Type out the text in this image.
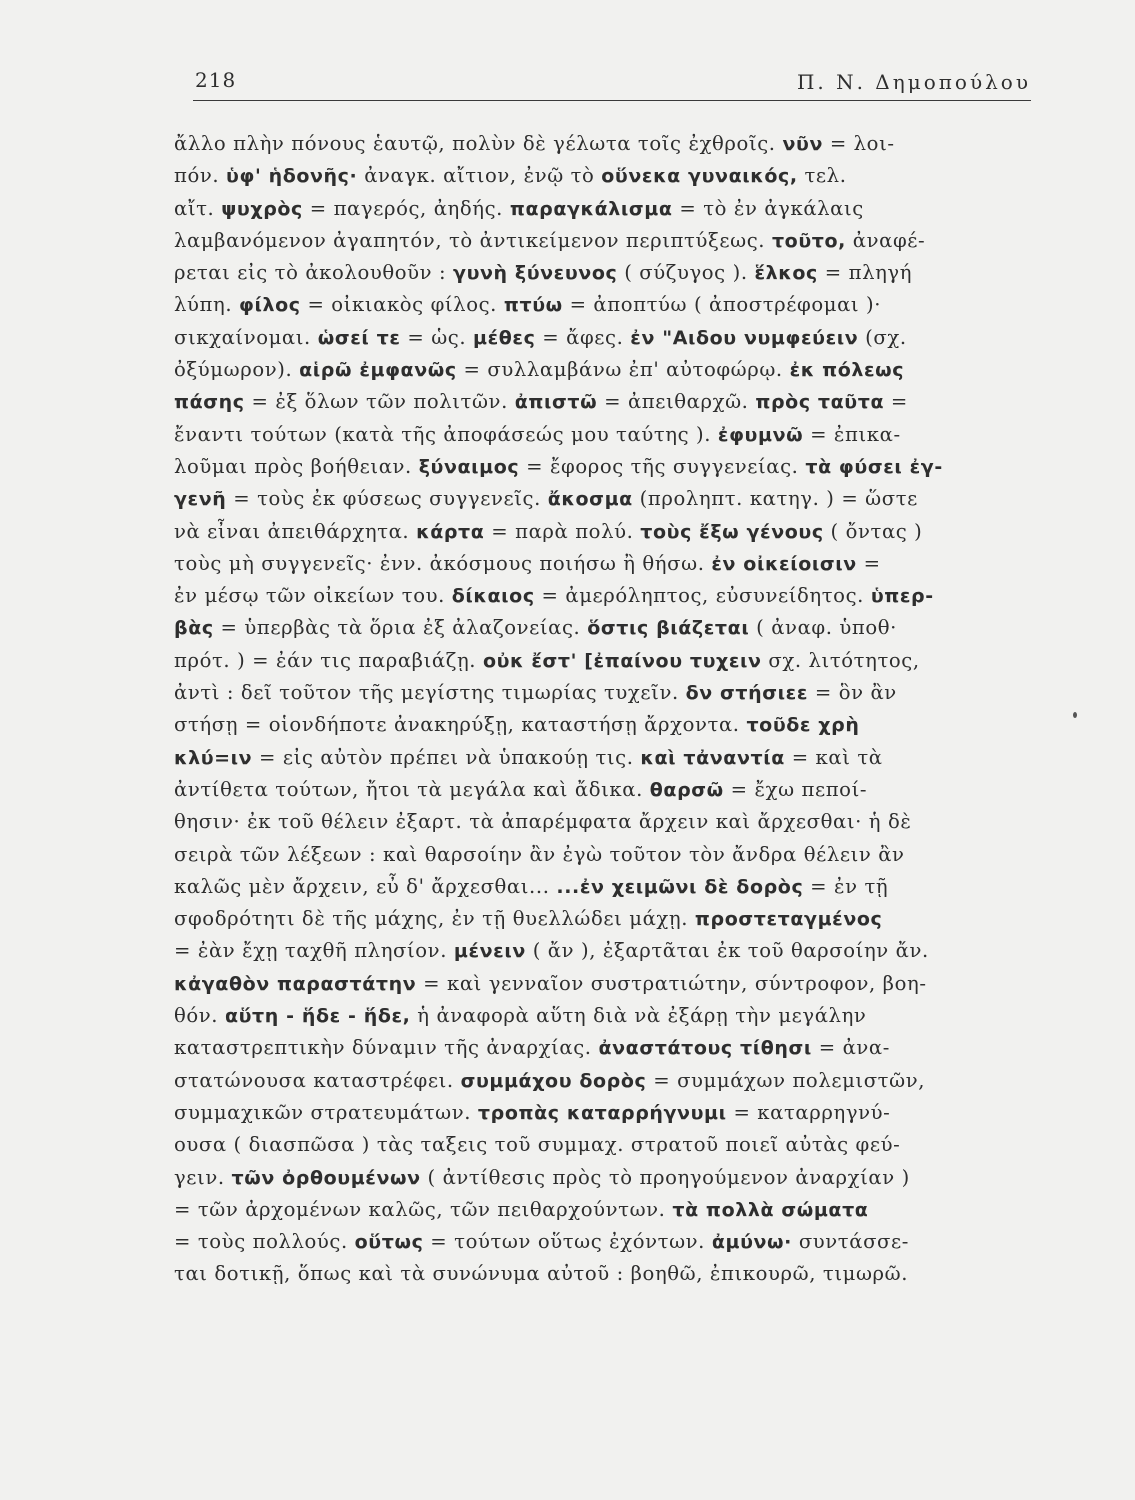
218	Π. Ν. Δημοπούλου
ἄλλο πλὴν πόνους ἑαυτῷ, πολὺν δὲ γέλωτα τοῖς ἐχθροῖς. νῦν = λοι-
πόν. ὑφ' ἡδονῆς· ἀναγκ. αἴτιον, ἐνῷ τὸ οὕνεκα γυναικός, τελ.
αἴτ. ψυχρὸς = παγερός, ἀηδής. παραγκάλισμα = τὸ ἐν ἀγκάλαις
λαμβανόμενον ἀγαπητόν, τὸ ἀντικείμενον περιπτύξεως. τοῦτο, ἀναφέ-
ρεται εἰς τὸ ἀκολουθοῦν : γυνὴ ξύνευνος ( σύζυγος ). ἕλκος = πληγή
λύπη. φίλος = οἰκιακὸς φίλος. πτύω = ἀποπτύω ( ἀποστρέφομαι )·
σικχαίνομαι. ὡσεί τε = ὡς. μέθες = ἄφες. ἐν "Αιδου νυμφεύειν (σχ.
ὀξύμωρον). αἱρῶ ἐμφανῶς = συλλαμβάνω ἐπ' αὐτοφώρῳ. ἐκ πόλεως
πάσης = ἐξ ὅλων τῶν πολιτῶν. ἀπιστῶ = ἀπειθαρχῶ. πρὸς ταῦτα =
ἔναντι τούτων (κατὰ τῆς ἀποφάσεώς μου ταύτης ). ἐφυμνῶ = ἐπικα-
λοῦμαι πρὸς βοήθειαν. ξύναιμος = ἔφορος τῆς συγγενείας. τὰ φύσει ἐγ-
γενῆ = τοὺς ἐκ φύσεως συγγενεῖς. ἄκοσμα (προληπτ. κατηγ. ) = ὥστε
νὰ εἶναι ἀπειθάρχητα. κάρτα = παρὰ πολύ. τοὺς ἔξω γένους ( ὄντας )
τοὺς μὴ συγγενεῖς· ἐνν. ἀκόσμους ποιήσω ἢ θήσω. ἐν οἰκείοισιν =
ἐν μέσῳ τῶν οἰκείων του. δίκαιος = ἀμερόληπτος, εὐσυνείδητος. ὑπερ-
βὰς = ὑπερβὰς τὰ ὅρια ἐξ ἀλαζονείας. ὅστις βιάζεται ( ἀναφ. ὑποθ·
πρότ. ) = ἐάν τις παραβιάζῃ. οὐκ ἔστ' [ἐπαίνου τυχειν σχ. λιτότητος,
ἀντὶ : δεῖ τοῦτον τῆς μεγίστης τιμωρίας τυχεῖν. δν στήσιεε = ὃν ἂν
στήσῃ = οἱονδήποτε ἀνακηρύξῃ, καταστήσῃ ἄρχοντα. τοῦδε χρὴ
κλύ=ιν = εἰς αὐτὸν πρέπει νὰ ὑπακούῃ τις. καὶ τἀναντία = καὶ τὰ
ἀντίθετα τούτων, ἤτοι τὰ μεγάλα καὶ ἄδικα. θαρσῶ = ἔχω πεποί-
θησιν· ἐκ τοῦ θέλειν ἐξαρτ. τὰ ἀπαρέμφατα ἄρχειν καὶ ἄρχεσθαι· ἡ δὲ
σειρὰ τῶν λέξεων : καὶ θαρσοίην ἂν ἐγὼ τοῦτον τὸν ἄνδρα θέλειν ἂν
καλῶς μὲν ἄρχειν, εὖ δ' ἄρχεσθαι... ...ἐν χειμῶνι δὲ δορὸς = ἐν τῇ
σφοδρότητι δὲ τῆς μάχης, ἐν τῇ θυελλώδει μάχῃ. προστεταγμένος
= ἐὰν ἔχῃ ταχθῆ πλησίον. μένειν ( ἄν ), ἐξαρτᾶται ἐκ τοῦ θαρσοίην ἄν.
κἀγαθὸν παραστάτην = καὶ γενναῖον συστρατιώτην, σύντροφον, βοη-
θόν. αὕτη - ἥδε - ἥδε, ἡ ἀναφορὰ αὕτη διὰ νὰ ἐξάρῃ τὴν μεγάλην
καταστρεπτικὴν δύναμιν τῆς ἀναρχίας. ἀναστάτους τίθησι = ἀνα-
στατώνουσα καταστρέφει. συμμάχου δορὸς = συμμάχων πολεμιστῶν,
συμμαχικῶν στρατευμάτων. τροπὰς καταρρήγνυμι = καταρρηγνύ-
ουσα ( διασπῶσα ) τὰς ταξεις τοῦ συμμαχ. στρατοῦ ποιεῖ αὐτὰς φεύ-
γειν. τῶν ὀρθουμένων ( ἀντίθεσις πρὸς τὸ προηγούμενον ἀναρχίαν )
= τῶν ἀρχομένων καλῶς, τῶν πειθαρχούντων. τὰ πολλὰ σώματα
= τοὺς πολλούς. οὕτως = τούτων οὕτως ἐχόντων. ἀμύνω· συντάσσε-
ται δοτικῇ, ὅπως καὶ τὰ συνώνυμα αὐτοῦ : βοηθῶ, ἐπικουρῶ, τιμωρῶ.
